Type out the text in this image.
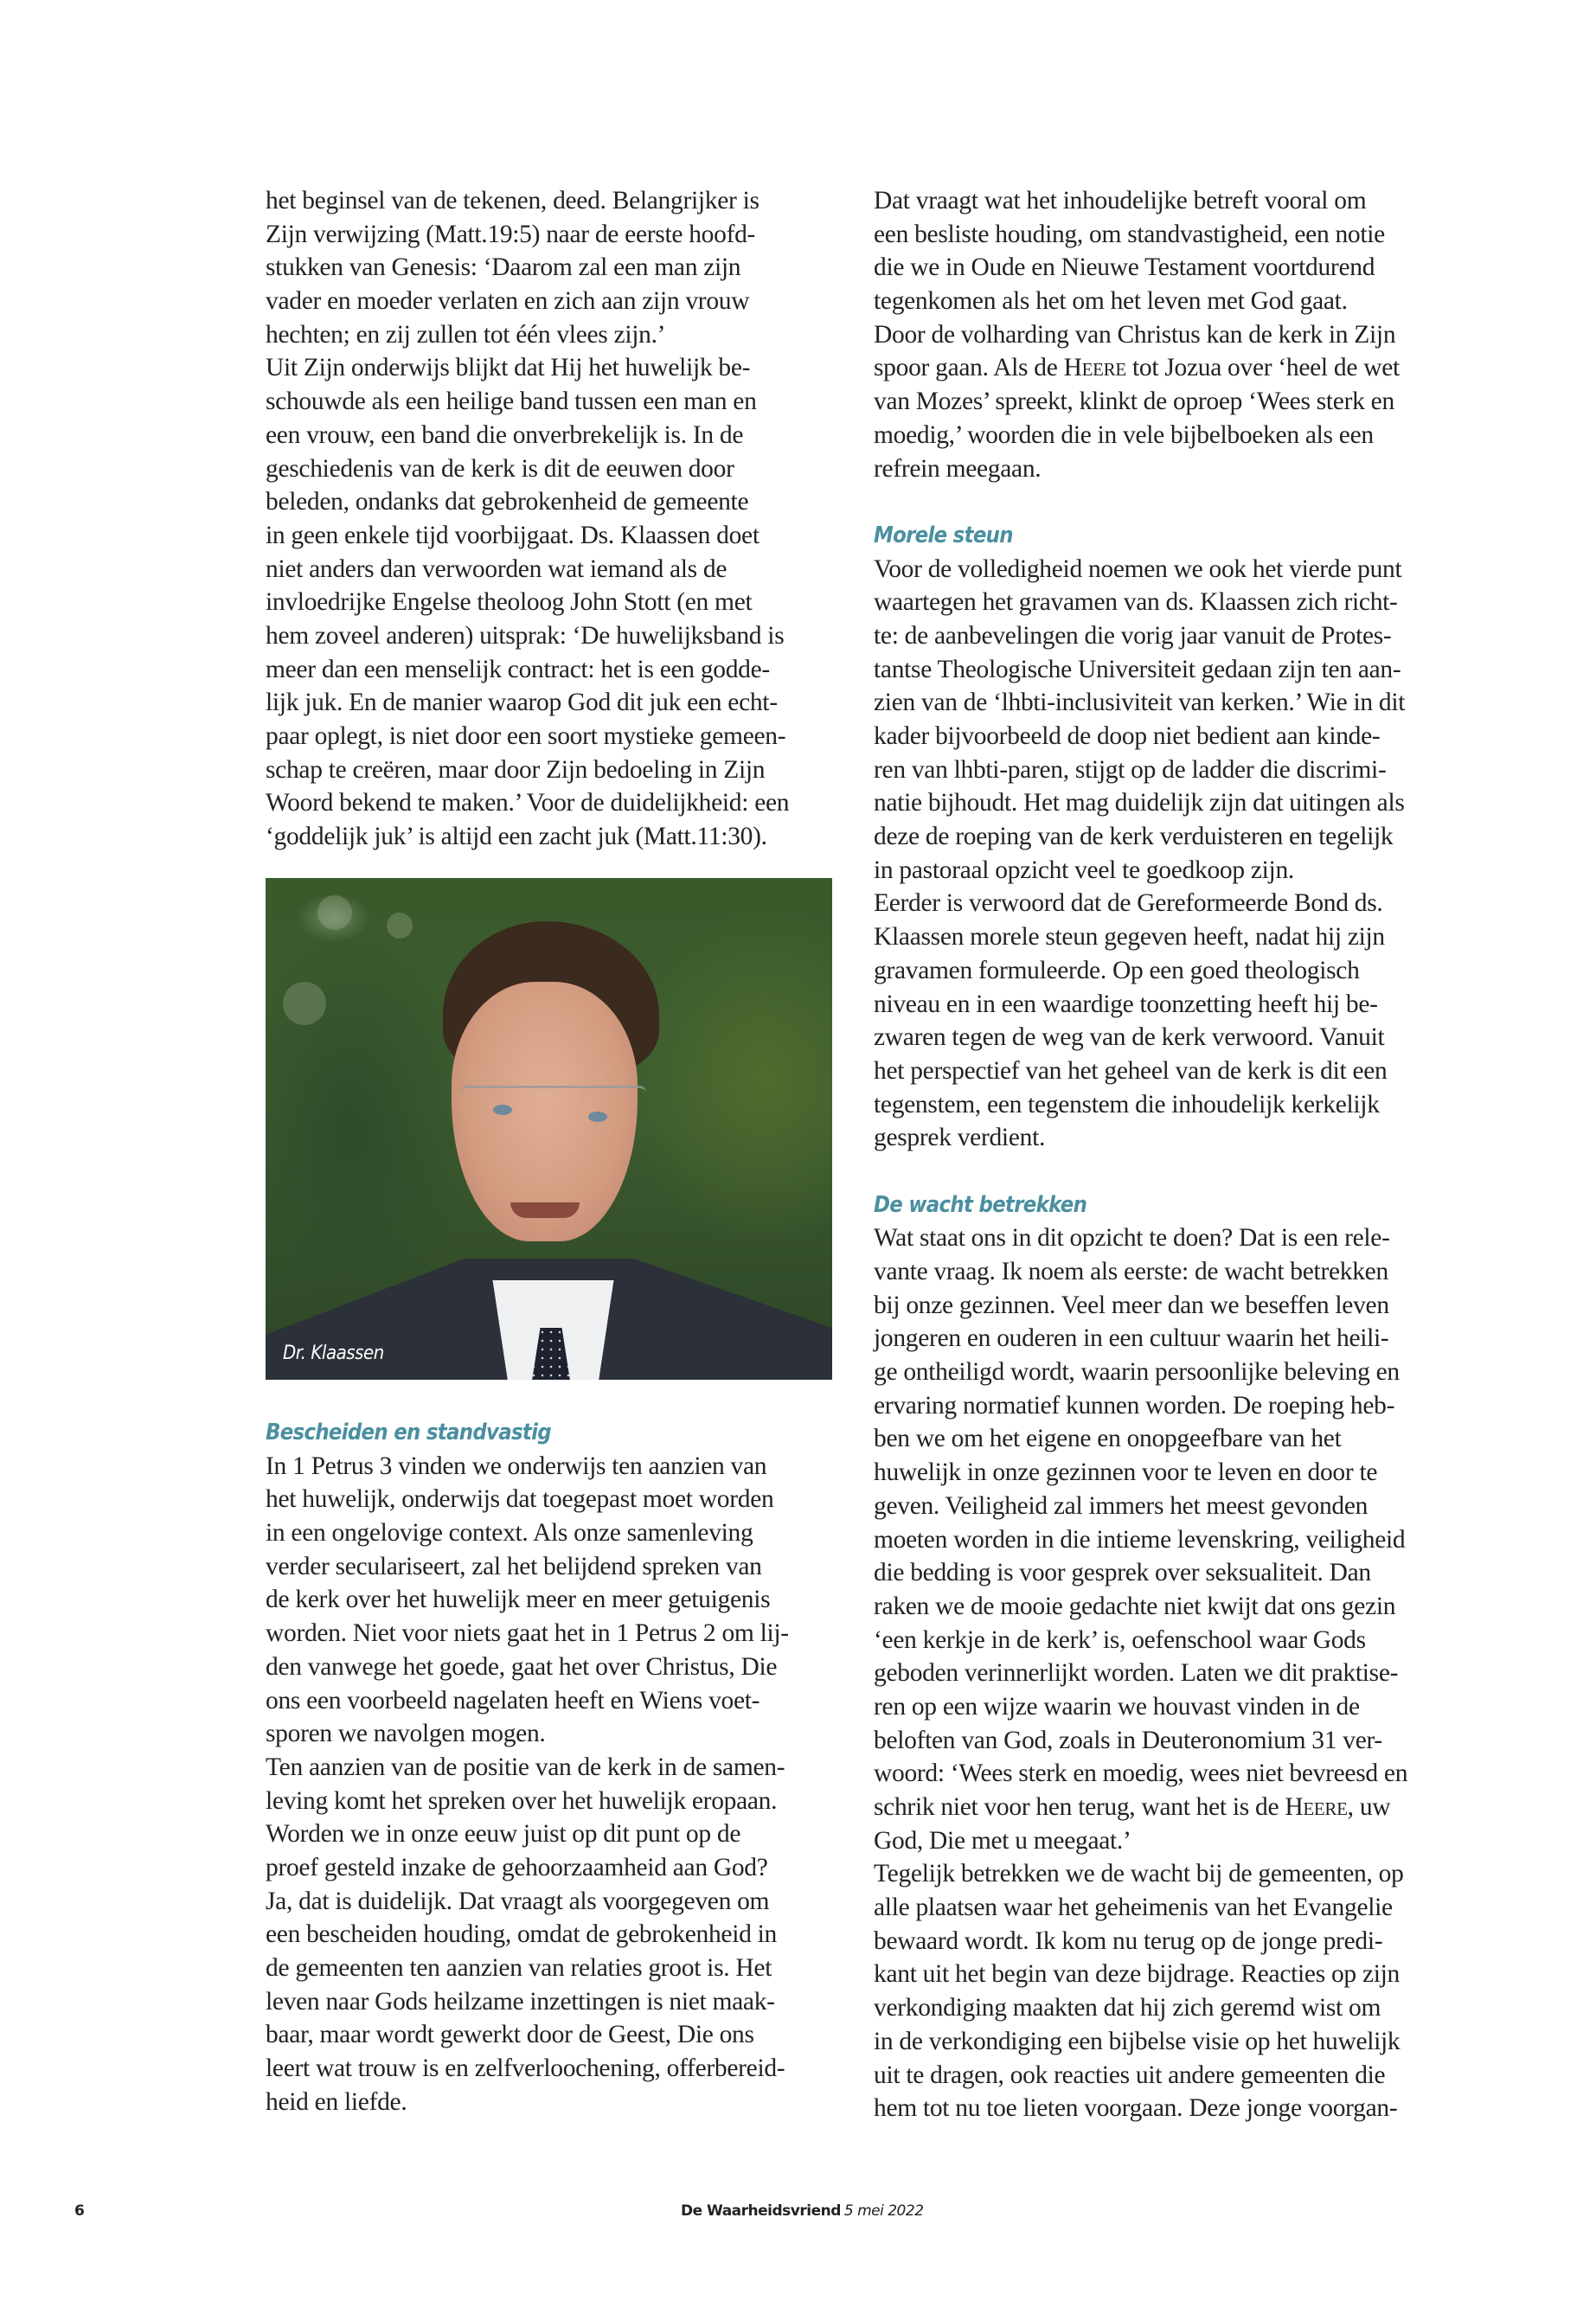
het beginsel van de tekenen, deed. Belangrijker is
Zijn verwijzing (Matt.19:5) naar de eerste hoofd-
stukken van Genesis: ‘Daarom zal een man zijn
vader en moeder verlaten en zich aan zijn vrouw
hechten; en zij zullen tot één vlees zijn.’
Uit Zijn onderwijs blijkt dat Hij het huwelijk be-
schouwde als een heilige band tussen een man en
een vrouw, een band die onverbrekelijk is. In de
geschiedenis van de kerk is dit de eeuwen door
beleden, ondanks dat gebrokenheid de gemeente
in geen enkele tijd voorbijgaat. Ds. Klaassen doet
niet anders dan verwoorden wat iemand als de
invloedrijke Engelse theoloog John Stott (en met
hem zoveel anderen) uitsprak: ‘De huwelijksband is
meer dan een menselijk contract: het is een godde-
lijk juk. En de manier waarop God dit juk een echt-
paar oplegt, is niet door een soort mystieke gemeen-
schap te creëren, maar door Zijn bedoeling in Zijn
Woord bekend te maken.’ Voor de duidelijkheid: een
‘goddelijk juk’ is altijd een zacht juk (Matt.11:30).
Dr. Klaassen
Bescheiden en standvastig
In 1 Petrus 3 vinden we onderwijs ten aanzien van
het huwelijk, onderwijs dat toegepast moet worden
in een ongelovige context. Als onze samenleving
verder seculariseert, zal het belijdend spreken van
de kerk over het huwelijk meer en meer getuigenis
worden. Niet voor niets gaat het in 1 Petrus 2 om lij-
den vanwege het goede, gaat het over Christus, Die
ons een voorbeeld nagelaten heeft en Wiens voet-
sporen we navolgen mogen.
Ten aanzien van de positie van de kerk in de samen-
leving komt het spreken over het huwelijk eropaan.
Worden we in onze eeuw juist op dit punt op de
proef gesteld inzake de gehoorzaamheid aan God?
Ja, dat is duidelijk. Dat vraagt als voorgegeven om
een bescheiden houding, omdat de gebrokenheid in
de gemeenten ten aanzien van relaties groot is. Het
leven naar Gods heilzame inzettingen is niet maak-
baar, maar wordt gewerkt door de Geest, Die ons
leert wat trouw is en zelfverloochening, offerbereid-
heid en liefde.
Dat vraagt wat het inhoudelijke betreft vooral om
een besliste houding, om standvastigheid, een notie
die we in Oude en Nieuwe Testament voortdurend
tegenkomen als het om het leven met God gaat.
Door de volharding van Christus kan de kerk in Zijn
spoor gaan. Als de Heere tot Jozua over ‘heel de wet
van Mozes’ spreekt, klinkt de oproep ‘Wees sterk en
moedig,’ woorden die in vele bijbelboeken als een
refrein meegaan.
Morele steun
Voor de volledigheid noemen we ook het vierde punt
waartegen het gravamen van ds. Klaassen zich richt-
te: de aanbevelingen die vorig jaar vanuit de Protes-
tantse Theologische Universiteit gedaan zijn ten aan-
zien van de ‘lhbti-inclusiviteit van kerken.’ Wie in dit
kader bijvoorbeeld de doop niet bedient aan kinde-
ren van lhbti-paren, stijgt op de ladder die discrimi-
natie bijhoudt. Het mag duidelijk zijn dat uitingen als
deze de roeping van de kerk verduisteren en tegelijk
in pastoraal opzicht veel te goedkoop zijn.
Eerder is verwoord dat de Gereformeerde Bond ds.
Klaassen morele steun gegeven heeft, nadat hij zijn
gravamen formuleerde. Op een goed theologisch
niveau en in een waardige toonzetting heeft hij be-
zwaren tegen de weg van de kerk verwoord. Vanuit
het perspectief van het geheel van de kerk is dit een
tegenstem, een tegenstem die inhoudelijk kerkelijk
gesprek verdient.
De wacht betrekken
Wat staat ons in dit opzicht te doen? Dat is een rele-
vante vraag. Ik noem als eerste: de wacht betrekken
bij onze gezinnen. Veel meer dan we beseffen leven
jongeren en ouderen in een cultuur waarin het heili-
ge ontheiligd wordt, waarin persoonlijke beleving en
ervaring normatief kunnen worden. De roeping heb-
ben we om het eigene en onopgeefbare van het
huwelijk in onze gezinnen voor te leven en door te
geven. Veiligheid zal immers het meest gevonden
moeten worden in die intieme levenskring, veiligheid
die bedding is voor gesprek over seksualiteit. Dan
raken we de mooie gedachte niet kwijt dat ons gezin
‘een kerkje in de kerk’ is, oefenschool waar Gods
geboden verinnerlijkt worden. Laten we dit praktise-
ren op een wijze waarin we houvast vinden in de
beloften van God, zoals in Deuteronomium 31 ver-
woord: ‘Wees sterk en moedig, wees niet bevreesd en
schrik niet voor hen terug, want het is de Heere, uw
God, Die met u meegaat.’
Tegelijk betrekken we de wacht bij de gemeenten, op
alle plaatsen waar het geheimenis van het Evangelie
bewaard wordt. Ik kom nu terug op de jonge predi-
kant uit het begin van deze bijdrage. Reacties op zijn
verkondiging maakten dat hij zich geremd wist om
in de verkondiging een bijbelse visie op het huwelijk
uit te dragen, ook reacties uit andere gemeenten die
hem tot nu toe lieten voorgaan. Deze jonge voorgan-
6	De Waarheidsvriend 5 mei 2022
